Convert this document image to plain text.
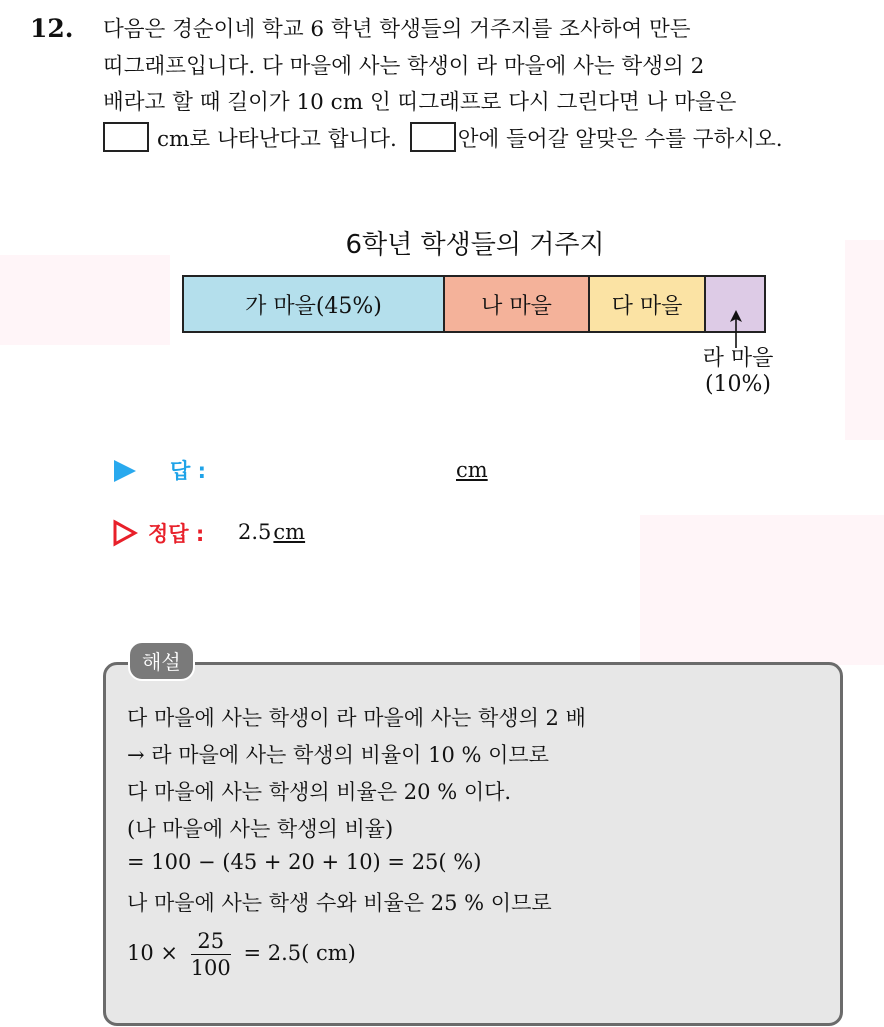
12. 다음은 경순이네 학교 6 학년 학생들의 거주지를 조사하여 만든
띠그래프입니다. 다 마을에 사는 학생이 라 마을에 사는 학생의 2
배라고 할 때 길이가 10 cm 인 띠그래프로 다시 그린다면 나 마을은
cm로 나타난다고 합니다.	안에 들어갈 알맞은 수를 구하시오.
6학년 학생들의 거주지
가 마을(45%)	나 마을	다 마을
라 마을
(10%)
답 :	cm
정답 : 2.5cm
해설
다 마을에 사는 학생이 라 마을에 사는 학생의 2 배
→ 라 마을에 사는 학생의 비율이 10 % 이므로
다 마을에 사는 학생의 비율은 20 % 이다.
(나 마을에 사는 학생의 비율)
= 100 − (45 + 20 + 10) = 25( %)
나 마을에 사는 학생 수와 비율은 25 % 이므로
$10 \times \frac{25}{100} = 2.5$( cm)
